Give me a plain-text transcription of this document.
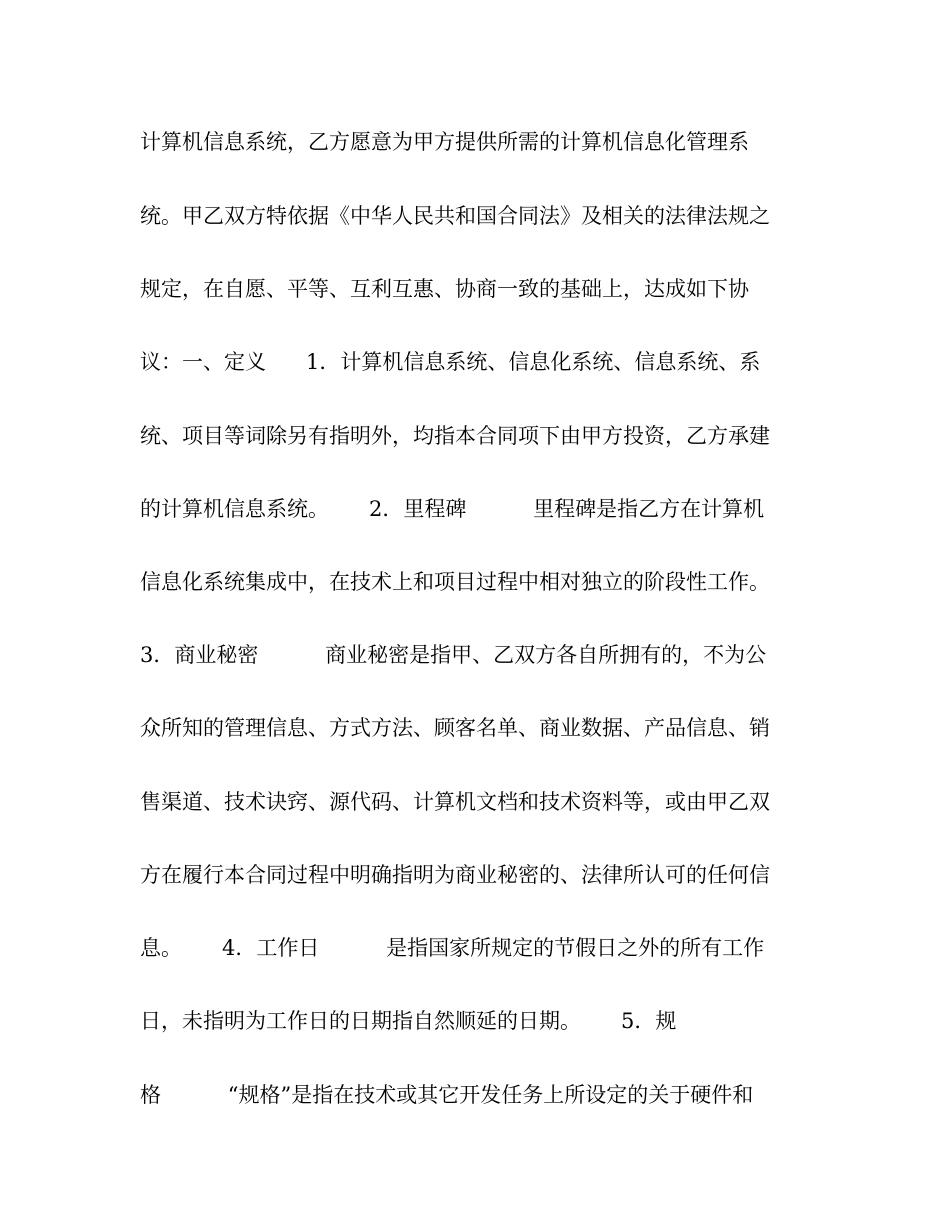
计算机信息系统，乙方愿意为甲方提供所需的计算机信息化管理系
统。甲乙双方特依据《中华人民共和国合同法》及相关的法律法规之
规定，在自愿、平等、互利互惠、协商一致的基础上，达成如下协
议：一、定义      1．计算机信息系统、信息化系统、信息系统、系
统、项目等词除另有指明外，均指本合同项下由甲方投资，乙方承建
的计算机信息系统。      2．里程碑          里程碑是指乙方在计算机
信息化系统集成中，在技术上和项目过程中相对独立的阶段性工作。
3．商业秘密          商业秘密是指甲、乙双方各自所拥有的，不为公
众所知的管理信息、方式方法、顾客名单、商业数据、产品信息、销
售渠道、技术诀窍、源代码、计算机文档和技术资料等，或由甲乙双
方在履行本合同过程中明确指明为商业秘密的、法律所认可的任何信
息。      4．工作日          是指国家所规定的节假日之外的所有工作
日，未指明为工作日的日期指自然顺延的日期。      5．规
格          “规格”是指在技术或其它开发任务上所设定的关于硬件和
